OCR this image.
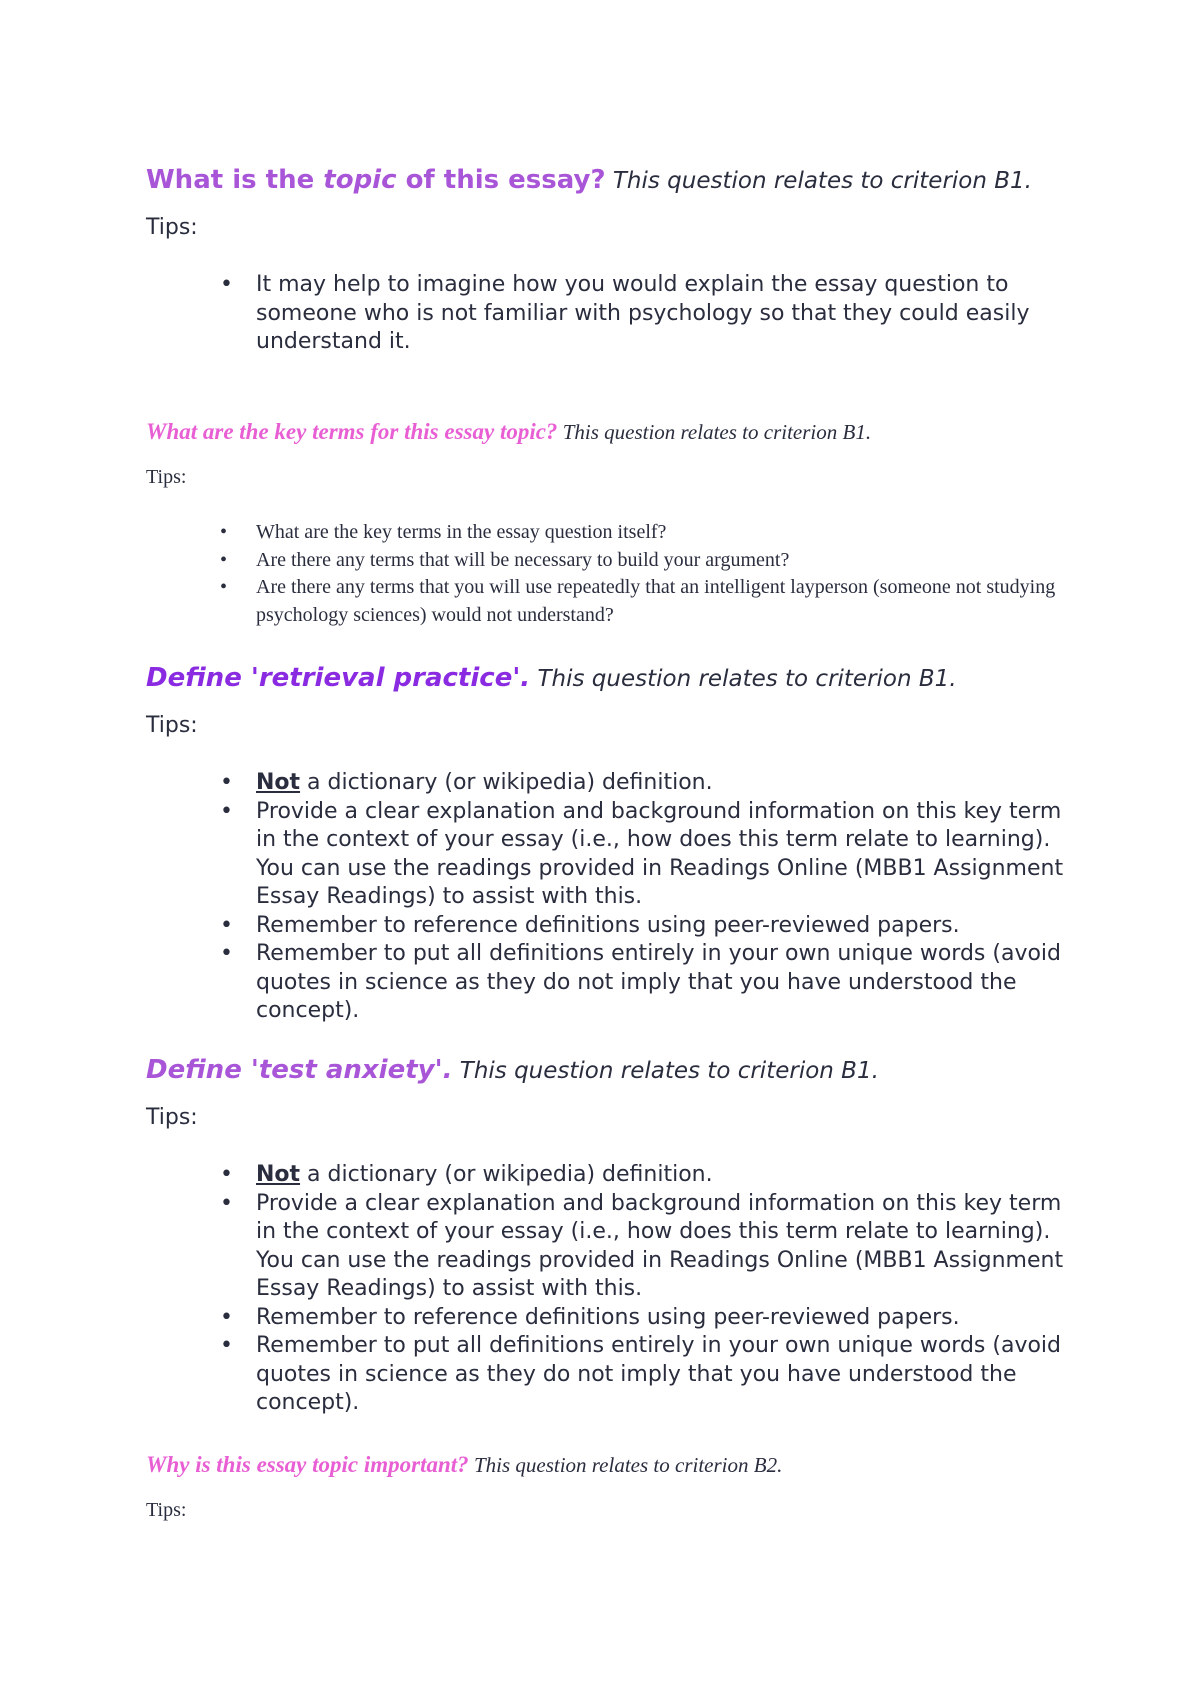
What is the topic of this essay? This question relates to criterion B1.

Tips:

• It may help to imagine how you would explain the essay question to someone who is not familiar with psychology so that they could easily understand it.

What are the key terms for this essay topic? This question relates to criterion B1.

Tips:

• What are the key terms in the essay question itself?
• Are there any terms that will be necessary to build your argument?
• Are there any terms that you will use repeatedly that an intelligent layperson (someone not studying psychology sciences) would not understand?

Define 'retrieval practice'. This question relates to criterion B1.

Tips:

• Not a dictionary (or wikipedia) definition.
• Provide a clear explanation and background information on this key term in the context of your essay (i.e., how does this term relate to learning). You can use the readings provided in Readings Online (MBB1 Assignment Essay Readings) to assist with this.
• Remember to reference definitions using peer-reviewed papers.
• Remember to put all definitions entirely in your own unique words (avoid quotes in science as they do not imply that you have understood the concept).

Define 'test anxiety'. This question relates to criterion B1.

Tips:

• Not a dictionary (or wikipedia) definition.
• Provide a clear explanation and background information on this key term in the context of your essay (i.e., how does this term relate to learning). You can use the readings provided in Readings Online (MBB1 Assignment Essay Readings) to assist with this.
• Remember to reference definitions using peer-reviewed papers.
• Remember to put all definitions entirely in your own unique words (avoid quotes in science as they do not imply that you have understood the concept).

Why is this essay topic important? This question relates to criterion B2.

Tips:
